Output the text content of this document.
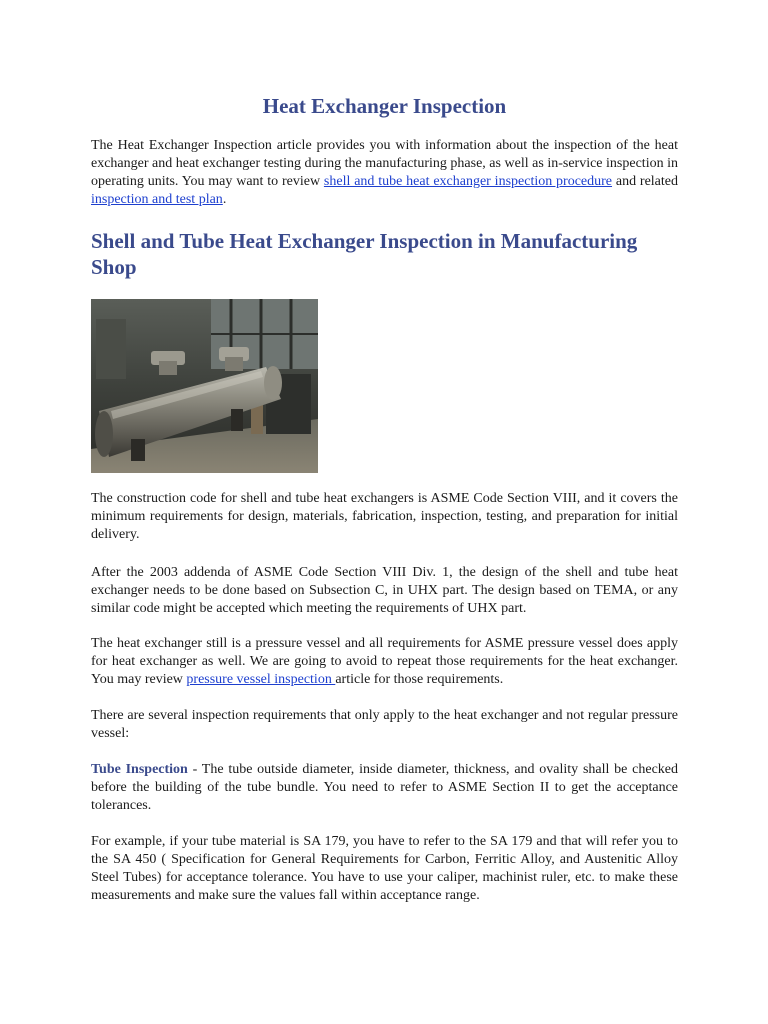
Heat Exchanger Inspection

The Heat Exchanger Inspection article provides you with information about the inspection of the heat exchanger and heat exchanger testing during the manufacturing phase, as well as in-service inspection in operating units. You may want to review shell and tube heat exchanger inspection procedure and related inspection and test plan.

Shell and Tube Heat Exchanger Inspection in Manufacturing Shop

The construction code for shell and tube heat exchangers is ASME Code Section VIII, and it covers the minimum requirements for design, materials, fabrication, inspection, testing, and preparation for initial delivery.

After the 2003 addenda of ASME Code Section VIII Div. 1, the design of the shell and tube heat exchanger needs to be done based on Subsection C, in UHX part. The design based on TEMA, or any similar code might be accepted which meeting the requirements of UHX part.

The heat exchanger still is a pressure vessel and all requirements for ASME pressure vessel does apply for heat exchanger as well. We are going to avoid to repeat those requirements for the heat exchanger. You may review pressure vessel inspection article for those requirements.

There are several inspection requirements that only apply to the heat exchanger and not regular pressure vessel:

Tube Inspection - The tube outside diameter, inside diameter, thickness, and ovality shall be checked before the building of the tube bundle. You need to refer to ASME Section II to get the acceptance tolerances.

For example, if your tube material is SA 179, you have to refer to the SA 179 and that will refer you to the SA 450 ( Specification for General Requirements for Carbon, Ferritic Alloy, and Austenitic Alloy Steel Tubes) for acceptance tolerance. You have to use your caliper, machinist ruler, etc. to make these measurements and make sure the values fall within acceptance range.
